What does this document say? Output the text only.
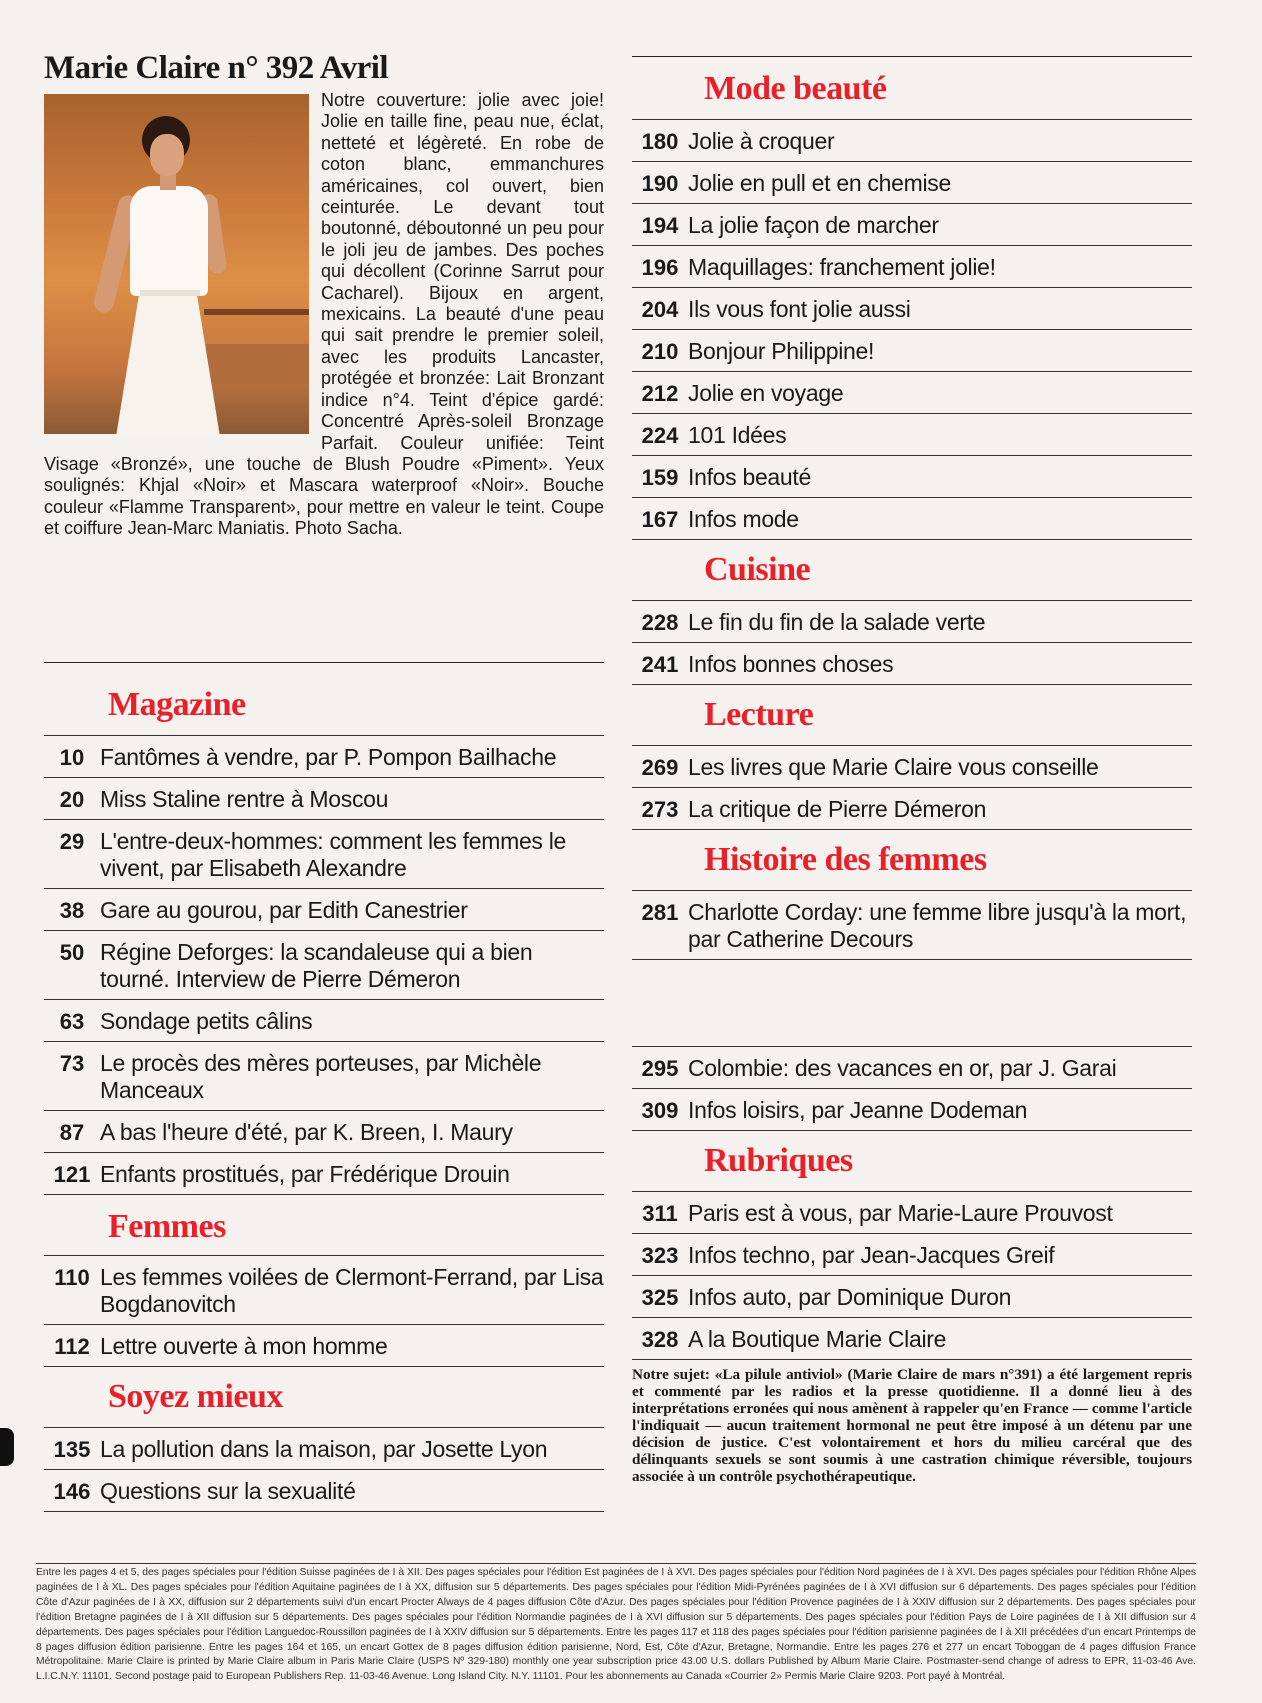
Marie Claire n° 392 Avril

Notre couverture: jolie avec joie! Jolie en taille fine, peau nue, éclat, netteté et légèreté. En robe de coton blanc, emmanchures américaines, col ouvert, bien ceinturée. Le devant tout boutonné, déboutonné un peu pour le joli jeu de jambes. Des poches qui décollent (Corinne Sarrut pour Cacharel). Bijoux en argent, mexicains. La beauté d'une peau qui sait prendre le premier soleil, avec les produits Lancaster, protégée et bronzée: Lait Bronzant indice n°4. Teint d'épice gardé: Concentré Après-soleil Bronzage Parfait. Couleur unifiée: Teint Visage «Bronzé», une touche de Blush Poudre «Piment». Yeux soulignés: Khjal «Noir» et Mascara waterproof «Noir». Bouche couleur «Flamme Transparent», pour mettre en valeur le teint. Coupe et coiffure Jean-Marc Maniatis. Photo Sacha.

Magazine
10 Fantômes à vendre, par P. Pompon Bailhache
20 Miss Staline rentre à Moscou
29 L'entre-deux-hommes: comment les femmes le vivent, par Elisabeth Alexandre
38 Gare au gourou, par Edith Canestrier
50 Régine Deforges: la scandaleuse qui a bien tourné. Interview de Pierre Démeron
63 Sondage petits câlins
73 Le procès des mères porteuses, par Michèle Manceaux
87 A bas l'heure d'été, par K. Breen, I. Maury
121 Enfants prostitués, par Frédérique Drouin
Femmes
110 Les femmes voilées de Clermont-Ferrand, par Lisa Bogdanovitch
112 Lettre ouverte à mon homme
Soyez mieux
135 La pollution dans la maison, par Josette Lyon
146 Questions sur la sexualité
Mode beauté
180 Jolie à croquer
190 Jolie en pull et en chemise
194 La jolie façon de marcher
196 Maquillages: franchement jolie!
204 Ils vous font jolie aussi
210 Bonjour Philippine!
212 Jolie en voyage
224 101 Idées
159 Infos beauté
167 Infos mode
Cuisine
228 Le fin du fin de la salade verte
241 Infos bonnes choses
Lecture
269 Les livres que Marie Claire vous conseille
273 La critique de Pierre Démeron
Histoire des femmes
281 Charlotte Corday: une femme libre jusqu'à la mort, par Catherine Decours
295 Colombie: des vacances en or, par J. Garai
309 Infos loisirs, par Jeanne Dodeman
Rubriques
311 Paris est à vous, par Marie-Laure Prouvost
323 Infos techno, par Jean-Jacques Greif
325 Infos auto, par Dominique Duron
328 A la Boutique Marie Claire

Notre sujet: «La pilule antiviol» (Marie Claire de mars n°391) a été largement repris et commenté par les radios et la presse quotidienne. Il a donné lieu à des interprétations erronées qui nous amènent à rappeler qu'en France — comme l'article l'indiquait — aucun traitement hormonal ne peut être imposé à un détenu par une décision de justice. C'est volontairement et hors du milieu carcéral que des délinquants sexuels se sont soumis à une castration chimique réversible, toujours associée à un contrôle psychothérapeutique.

Entre les pages 4 et 5, des pages spéciales pour l'édition Suisse paginées de I à XII. Des pages spéciales pour l'édition Est paginées de I à XVI. Des pages spéciales pour l'édition Nord paginées de I à XVI. Des pages spéciales pour l'édition Rhône Alpes paginées de I à XL. Des pages spéciales pour l'édition Aquitaine paginées de I à XX, diffusion sur 5 départements. Des pages spéciales pour l'édition Midi-Pyrénées paginées de I à XVI diffusion sur 6 départements. Des pages spéciales pour l'édition Côte d'Azur paginées de I à XX, diffusion sur 2 départements suivi d'un encart Procter Always de 4 pages diffusion Côte d'Azur. Des pages spéciales pour l'édition Provence paginées de I à XXIV diffusion sur 2 départements. Des pages spéciales pour l'édition Bretagne paginées de I à XII diffusion sur 5 départements. Des pages spéciales pour l'édition Normandie paginées de I à XVI diffusion sur 5 départements. Des pages spéciales pour l'édition Pays de Loire paginées de I à XII diffusion sur 4 départements. Des pages spéciales pour l'édition Languedoc-Roussillon paginées de I à XXIV diffusion sur 5 départements. Entre les pages 117 et 118 des pages spéciales pour l'édition parisienne paginées de I à XII précédées d'un encart Printemps de 8 pages diffusion édition parisienne. Entre les pages 164 et 165, un encart Gottex de 8 pages diffusion édition parisienne, Nord, Est, Côte d'Azur, Bretagne, Normandie. Entre les pages 276 et 277 un encart Toboggan de 4 pages diffusion France Métropolitaine. Marie Claire is printed by Marie Claire album in Paris Marie Claire (USPS Nº 329-180) monthly one year subscription price 43.00 U.S. dollars Published by Album Marie Claire. Postmaster-send change of adress to EPR, 11-03-46 Ave. L.I.C.N.Y. 11101. Second postage paid to European Publishers Rep. 11-03-46 Avenue. Long Island City. N.Y. 11101. Pour les abonnements au Canada «Courrier 2» Permis Marie Claire 9203. Port payé à Montréal.
